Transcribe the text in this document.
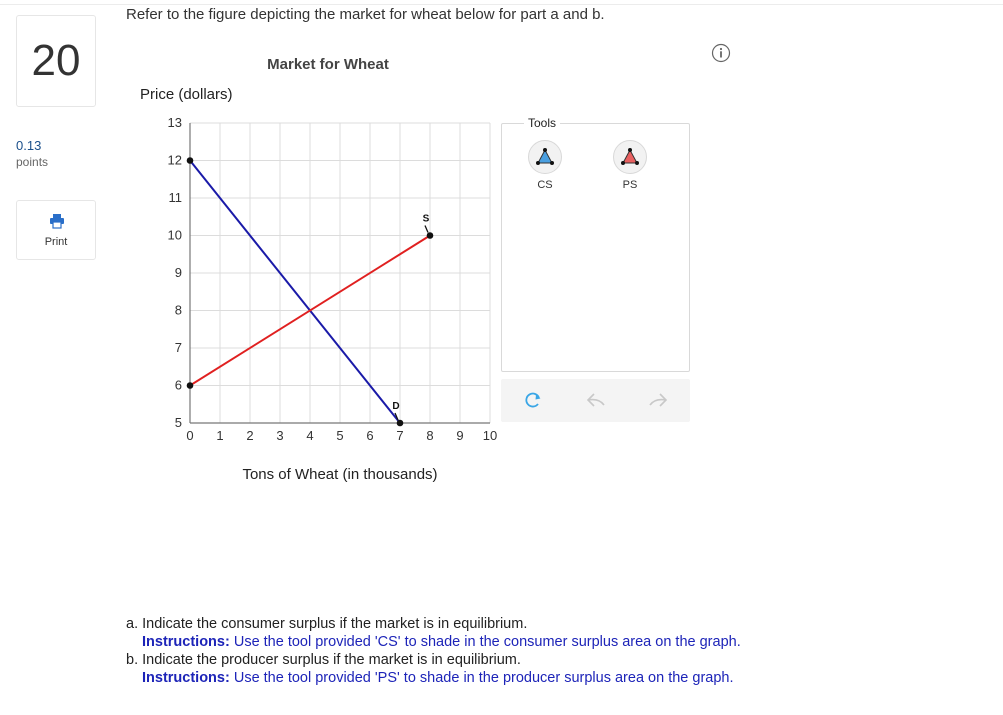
20
0.13
points
Print
Refer to the figure depicting the market for wheat below for part a and b.
0 1 2 3 4 5 6 7 8 9 10
5
6
7
8
9
10
11
12
13
D
S
Market for Wheat
Price (dollars)
Tons of Wheat (in thousands)
Tools
CS	PS
a. Indicate the consumer surplus if the market is in equilibrium.
Instructions: Use the tool provided 'CS' to shade in the consumer surplus area on the graph.
b. Indicate the producer surplus if the market is in equilibrium.
Instructions: Use the tool provided 'PS' to shade in the producer surplus area on the graph.
